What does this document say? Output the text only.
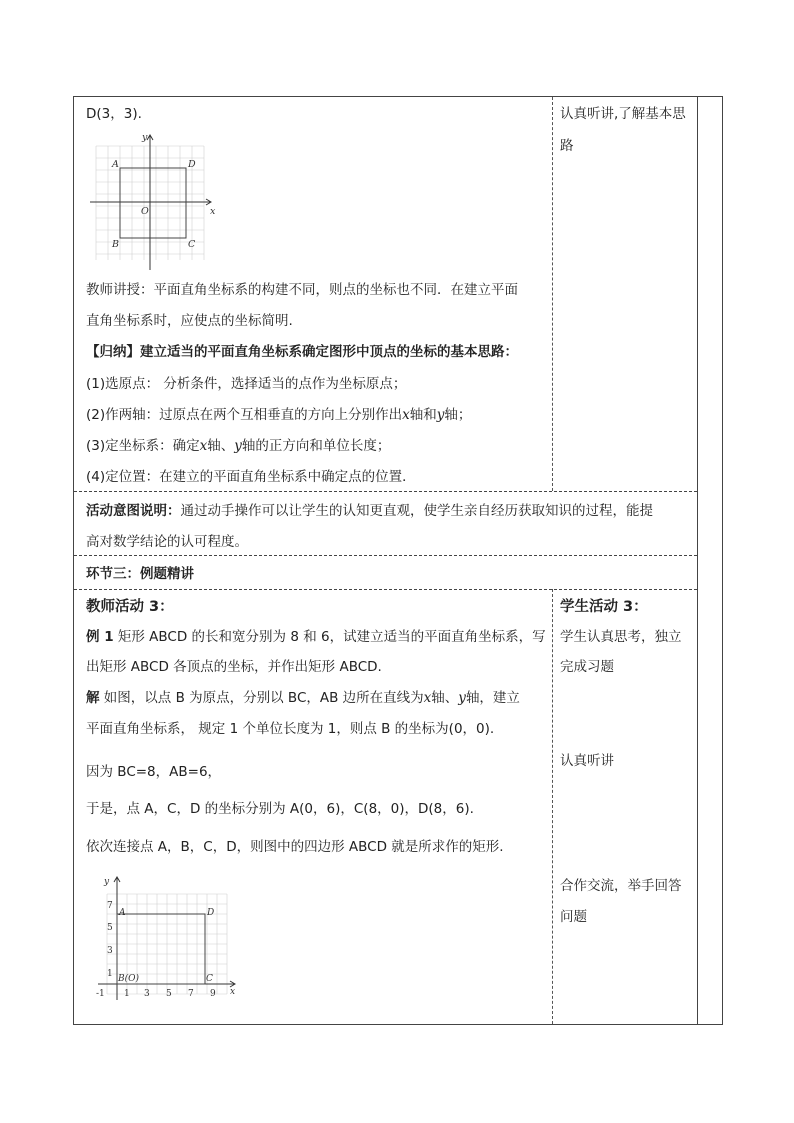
D(3，3).
y
x
O
A	D
B	C
教师讲授：平面直角坐标系的构建不同，则点的坐标也不同．在建立平面
直角坐标系时，应使点的坐标简明.
【归纳】建立适当的平面直角坐标系确定图形中顶点的坐标的基本思路：
(1)选原点： 分析条件，选择适当的点作为坐标原点；
(2)作两轴：过原点在两个互相垂直的方向上分别作出x轴和y轴；
(3)定坐标系：确定x轴、y轴的正方向和单位长度；
(4)定位置：在建立的平面直角坐标系中确定点的位置．
认真听讲,了解基本思
路
活动意图说明：通过动手操作可以让学生的认知更直观，使学生亲自经历获取知识的过程，能提
高对数学结论的认可程度。
环节三：例题精讲
教师活动 3：
例 1 矩形 ABCD 的长和宽分别为 8 和 6，试建立适当的平面直角坐标系，写
出矩形 ABCD 各顶点的坐标，并作出矩形 ABCD.
解 如图，以点 B 为原点，分别以 BC，AB 边所在直线为x轴、y轴，建立
平面直角坐标系， 规定 1 个单位长度为 1，则点 B 的坐标为(0，0).
因为 BC=8，AB=6，
于是，点 A，C，D 的坐标分别为 A(0，6)，C(8，0)，D(8，6).
依次连接点 A，B，C，D，则图中的四边形 ABCD 就是所求作的矩形.
y
x
7
5
3
1
-1 1 3 5 7 9
A	D
B(O)	C
学生活动 3：
学生认真思考，独立
完成习题
认真听讲
合作交流，举手回答
问题
